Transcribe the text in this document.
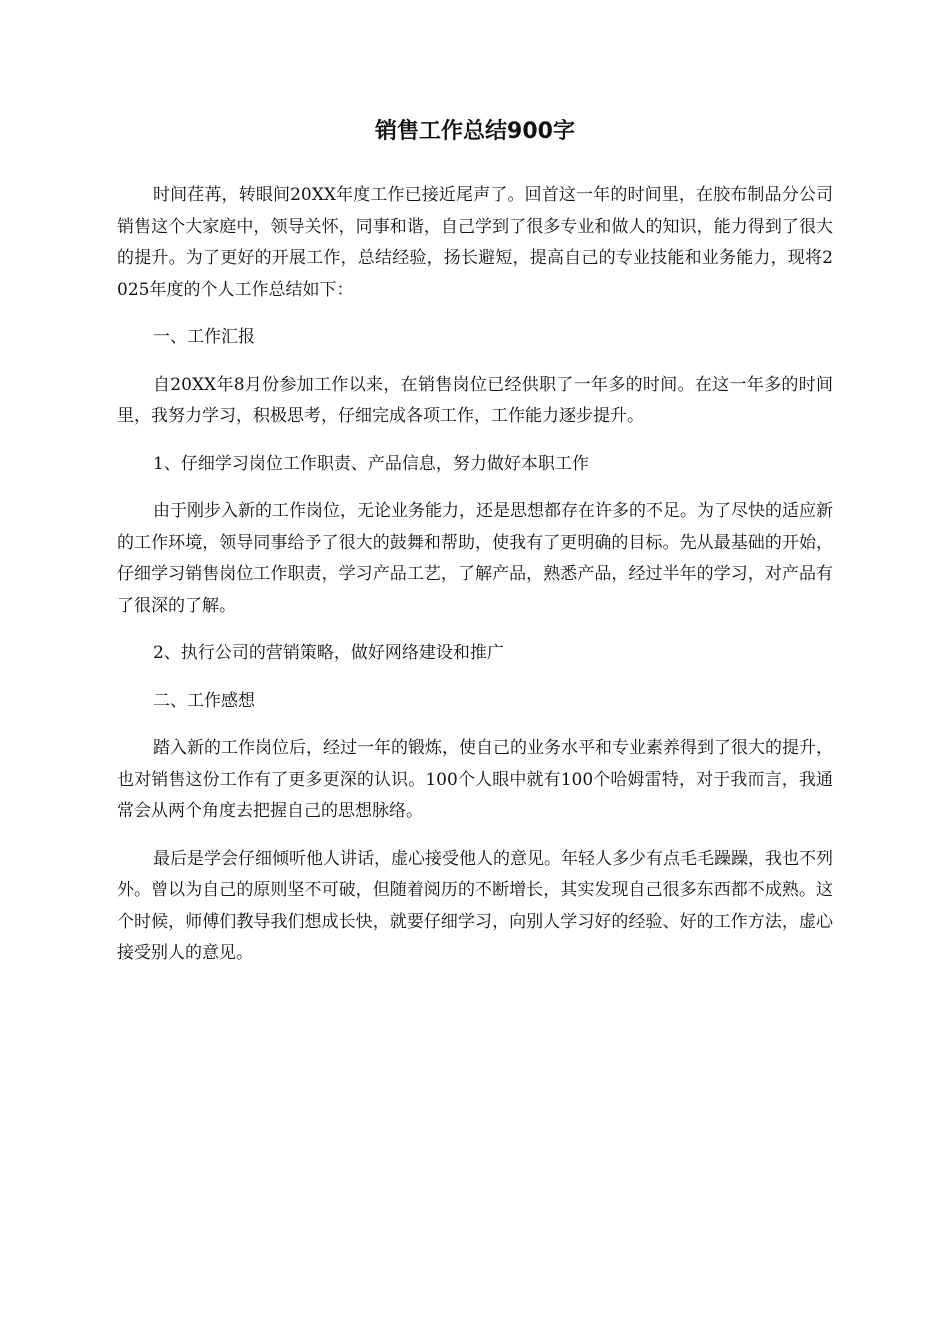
销售工作总结900字

时间荏苒，转眼间20XX年度工作已接近尾声了。回首这一年的时间里，在胶布制品分公司销售这个大家庭中，领导关怀，同事和谐，自己学到了很多专业和做人的知识，能力得到了很大的提升。为了更好的开展工作，总结经验，扬长避短，提高自己的专业技能和业务能力，现将2025年度的个人工作总结如下：

一、工作汇报

自20XX年8月份参加工作以来，在销售岗位已经供职了一年多的时间。在这一年多的时间里，我努力学习，积极思考，仔细完成各项工作，工作能力逐步提升。

1、仔细学习岗位工作职责、产品信息，努力做好本职工作

由于刚步入新的工作岗位，无论业务能力，还是思想都存在许多的不足。为了尽快的适应新的工作环境，领导同事给予了很大的鼓舞和帮助，使我有了更明确的目标。先从最基础的开始，仔细学习销售岗位工作职责，学习产品工艺，了解产品，熟悉产品，经过半年的学习，对产品有了很深的了解。

2、执行公司的营销策略，做好网络建设和推广

二、工作感想

踏入新的工作岗位后，经过一年的锻炼，使自己的业务水平和专业素养得到了很大的提升，也对销售这份工作有了更多更深的认识。100个人眼中就有100个哈姆雷特，对于我而言，我通常会从两个角度去把握自己的思想脉络。

最后是学会仔细倾听他人讲话，虚心接受他人的意见。年轻人多少有点毛毛躁躁，我也不列外。曾以为自己的原则坚不可破，但随着阅历的不断增长，其实发现自己很多东西都不成熟。这个时候，师傅们教导我们想成长快，就要仔细学习，向别人学习好的经验、好的工作方法，虚心接受别人的意见。
